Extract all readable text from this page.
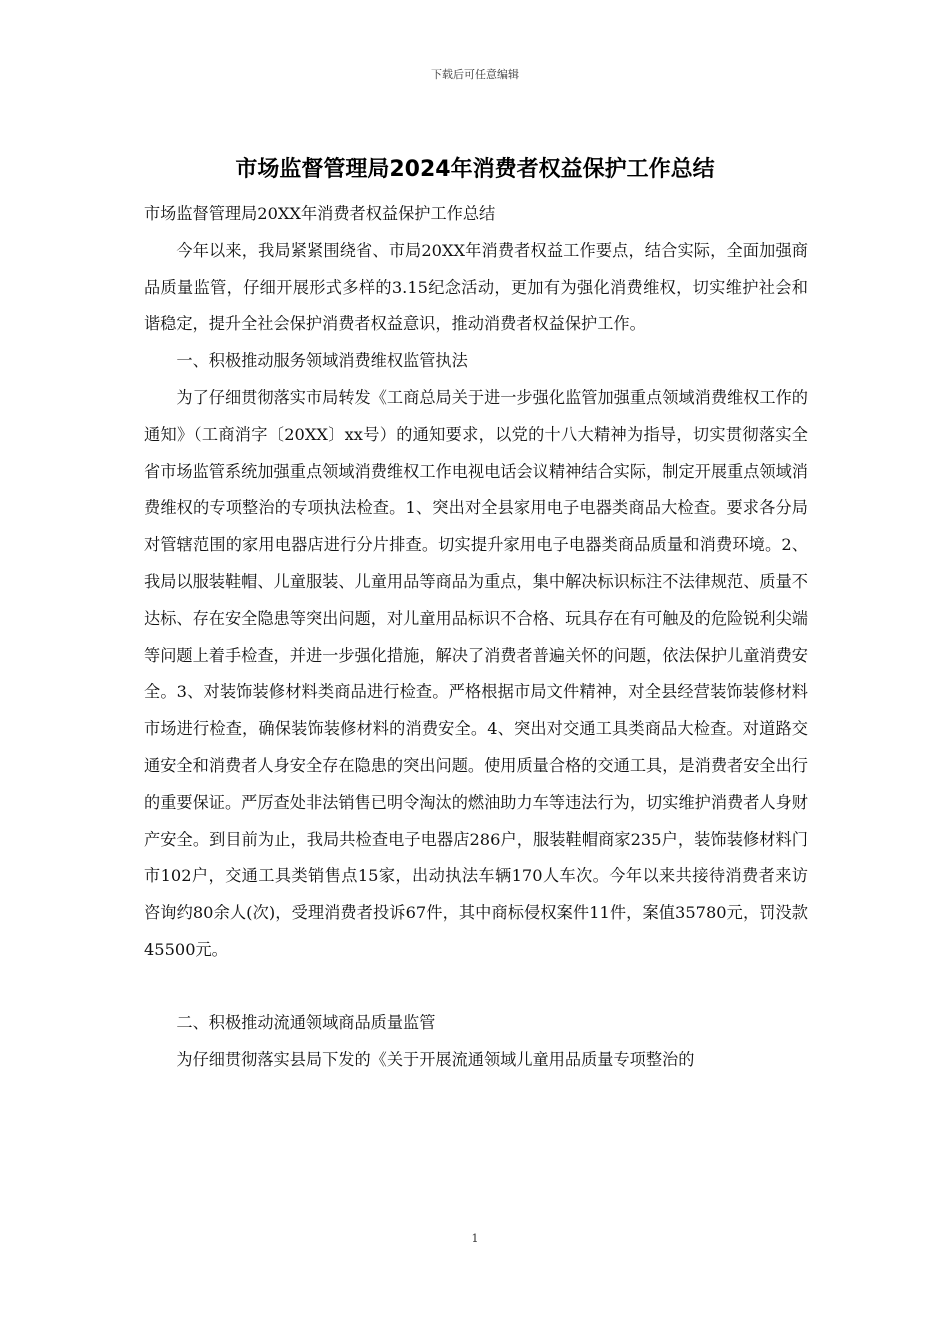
下载后可任意编辑
市场监督管理局2024年消费者权益保护工作总结

市场监督管理局20XX年消费者权益保护工作总结

今年以来，我局紧紧围绕省、市局20XX年消费者权益工作要点，结合实际，全面加强商品质量监管，仔细开展形式多样的3.15纪念活动，更加有为强化消费维权，切实维护社会和谐稳定，提升全社会保护消费者权益意识，推动消费者权益保护工作。

一、积极推动服务领域消费维权监管执法

为了仔细贯彻落实市局转发《工商总局关于进一步强化监管加强重点领域消费维权工作的通知》（工商消字〔20XX〕xx号）的通知要求，以党的十八大精神为指导，切实贯彻落实全省市场监管系统加强重点领域消费维权工作电视电话会议精神结合实际，制定开展重点领域消费维权的专项整治的专项执法检查。1、突出对全县家用电子电器类商品大检查。要求各分局对管辖范围的家用电器店进行分片排查。切实提升家用电子电器类商品质量和消费环境。2、我局以服装鞋帽、儿童服装、儿童用品等商品为重点，集中解决标识标注不法律规范、质量不达标、存在安全隐患等突出问题，对儿童用品标识不合格、玩具存在有可触及的危险锐利尖端等问题上着手检查，并进一步强化措施，解决了消费者普遍关怀的问题，依法保护儿童消费安全。3、对装饰装修材料类商品进行检查。严格根据市局文件精神，对全县经营装饰装修材料市场进行检查，确保装饰装修材料的消费安全。4、突出对交通工具类商品大检查。对道路交通安全和消费者人身安全存在隐患的突出问题。使用质量合格的交通工具，是消费者安全出行的重要保证。严厉查处非法销售已明令淘汰的燃油助力车等违法行为，切实维护消费者人身财产安全。到目前为止，我局共检查电子电器店286户，服装鞋帽商家235户，装饰装修材料门市102户，交通工具类销售点15家，出动执法车辆170人车次。今年以来共接待消费者来访咨询约80余人(次)，受理消费者投诉67件，其中商标侵权案件11件，案值35780元，罚没款45500元。

二、积极推动流通领域商品质量监管

为仔细贯彻落实县局下发的《关于开展流通领域儿童用品质量专项整治的

1
